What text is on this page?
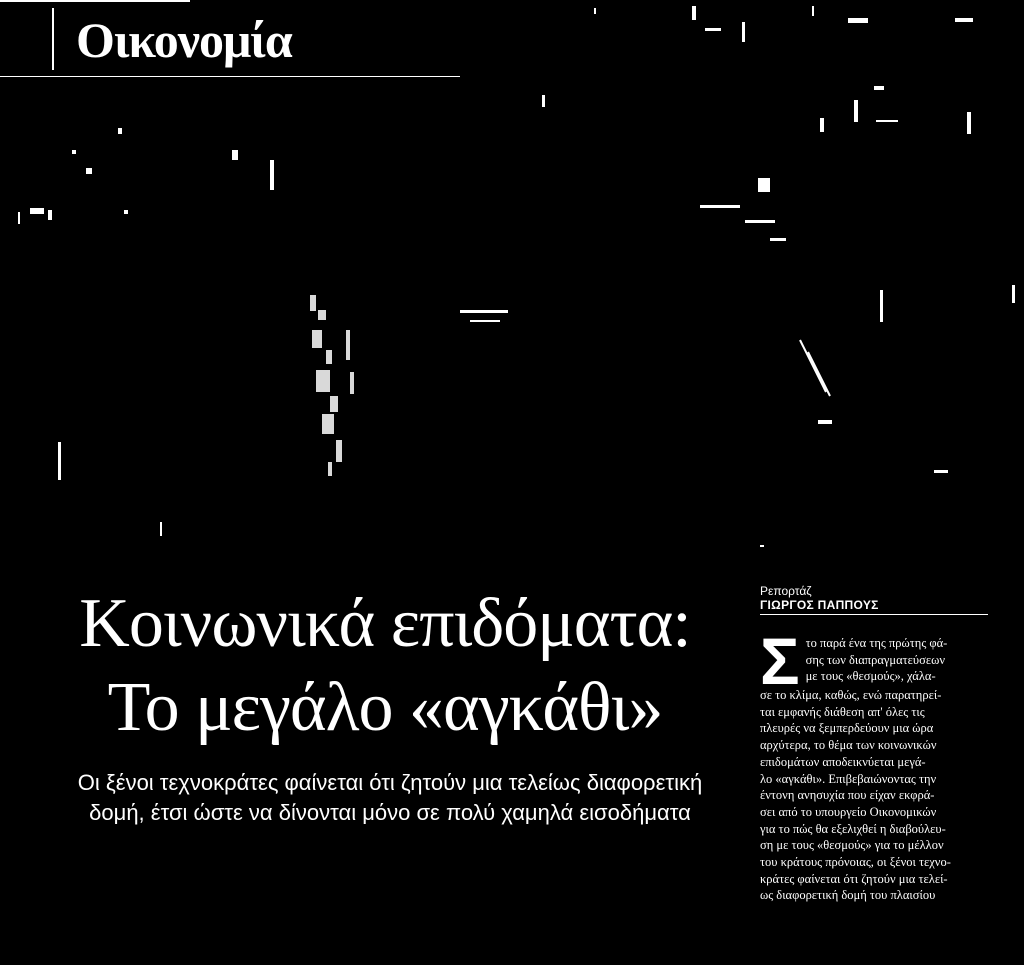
Οικονομία
Κοινωνικά επιδόματα:
Το μεγάλο «αγκάθι»
Οι ξένοι τεχνοκράτες φαίνεται ότι ζητούν μια τελείως διαφορετική
δομή, έτσι ώστε να δίνονται μόνο σε πολύ χαμηλά εισοδήματα
Ρεπορτάζ
ΓΙΩΡΓΟΣ ΠΑΠΠΟΥΣ
Σ το παρά ένα της πρώτης φά-
σης των διαπραγματεύσεων
με τους «θεσμούς», χάλα-
σε το κλίμα, καθώς, ενώ παρατηρεί-
ται εμφανής διάθεση απ' όλες τις
πλευρές να ξεμπερδεύουν μια ώρα
αρχύτερα, το θέμα των κοινωνικών
επιδομάτων αποδεικνύεται μεγά-
λο «αγκάθι». Επιβεβαιώνοντας την
έντονη ανησυχία που είχαν εκφρά-
σει από το υπουργείο Οικονομικών
για το πώς θα εξελιχθεί η διαβούλευ-
ση με τους «θεσμούς» για το μέλλον
του κράτους πρόνοιας, οι ξένοι τεχνο-
κράτες φαίνεται ότι ζητούν μια τελεί-
ως διαφορετική δομή του πλαισίου
